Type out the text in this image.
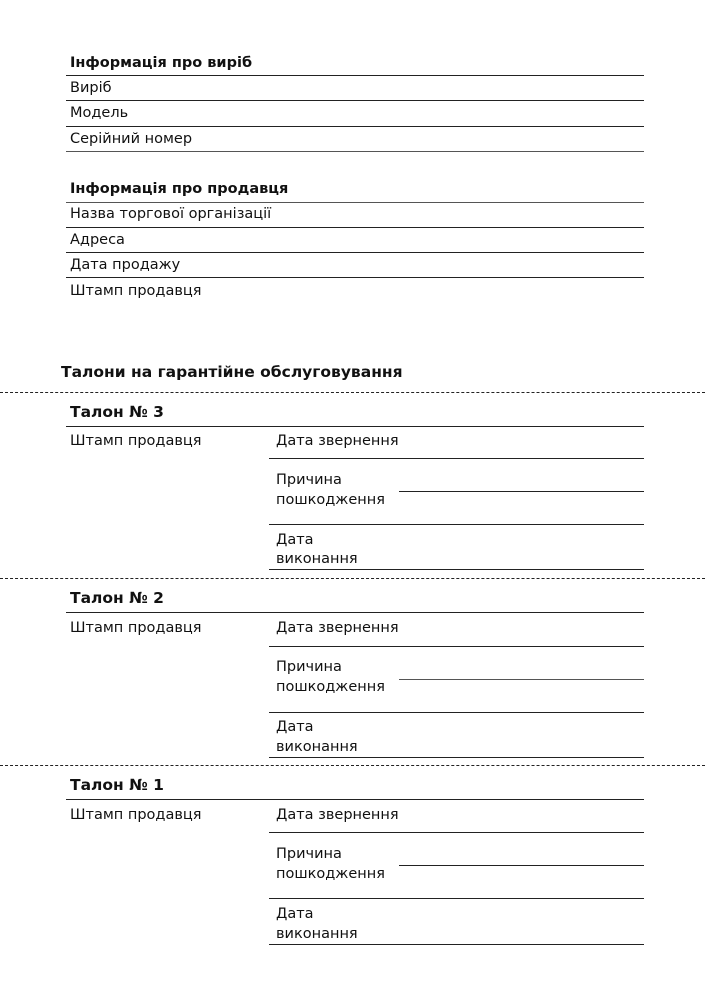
Інформація про виріб
Виріб
Модель
Серійний номер
Інформація про продавця
Назва торгової організації
Адреса
Дата продажу
Штамп продавця
Талони на гарантійне обслуговування
Талон № 3
Штамп продавця	Дата звернення
Причина
пошкодження
Дата
виконання
Талон № 2
Штамп продавця	Дата звернення
Причина
пошкодження
Дата
виконання
Талон № 1
Штамп продавця	Дата звернення
Причина
пошкодження
Дата
виконання
